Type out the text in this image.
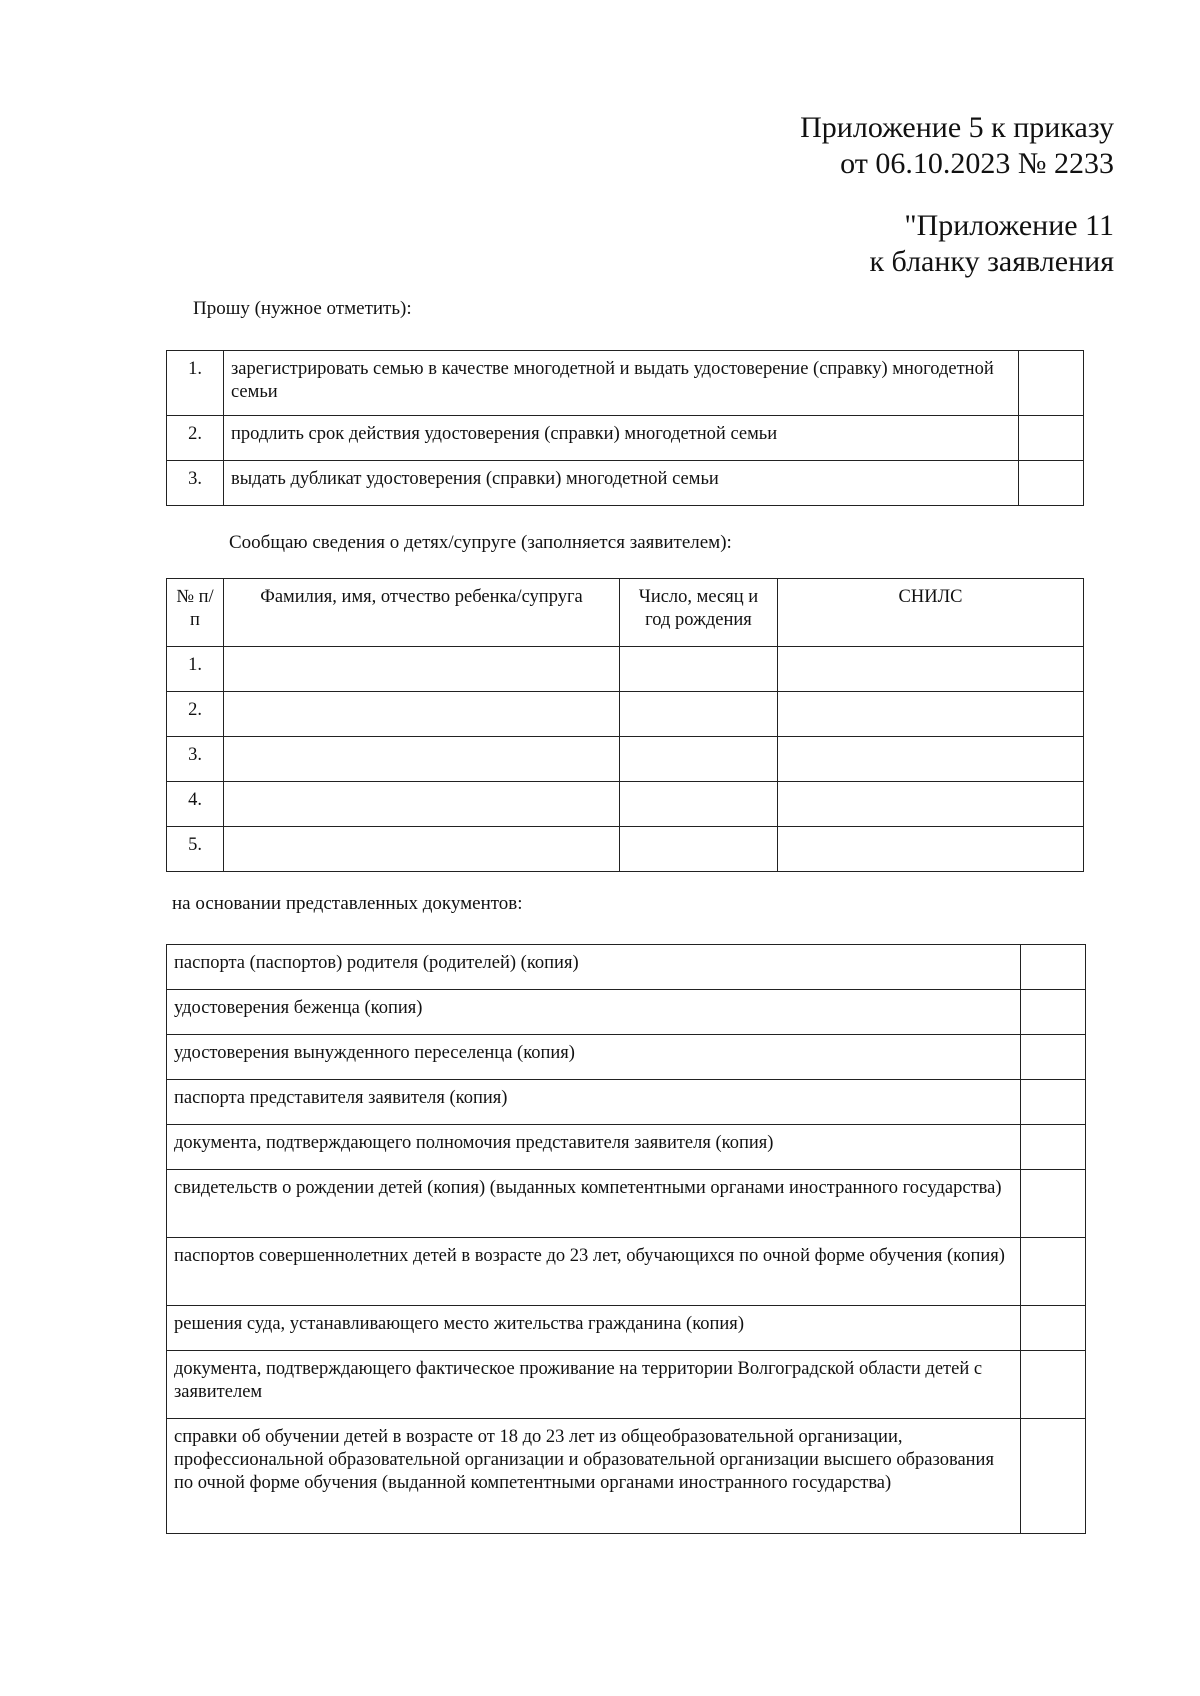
Приложение 5 к приказу
от 06.10.2023 № 2233
"Приложение 11
к бланку заявления
Прошу (нужное отметить):
1.	зарегистрировать семью в качестве многодетной и выдать удостоверение (справку) многодетной семьи	
2.	продлить срок действия удостоверения (справки) многодетной семьи	
3.	выдать дубликат удостоверения (справки) многодетной семьи	
Сообщаю сведения о детях/супруге (заполняется заявителем):
№ п/п	Фамилия, имя, отчество ребенка/супруга	Число, месяц и год рождения	СНИЛС
1.			
2.			
3.			
4.			
5.			
на основании представленных документов:
паспорта (паспортов) родителя (родителей) (копия)	
удостоверения беженца (копия)	
удостоверения вынужденного переселенца (копия)	
паспорта представителя заявителя (копия)	
документа, подтверждающего полномочия представителя заявителя (копия)	
свидетельств о рождении детей (копия) (выданных компетентными органами иностранного государства)	
паспортов совершеннолетних детей в возрасте до 23 лет, обучающихся по очной форме обучения (копия)	
решения суда, устанавливающего место жительства гражданина (копия)	
документа, подтверждающего фактическое проживание на территории Волгоградской области детей с заявителем	
справки об обучении детей в возрасте от 18 до 23 лет из общеобразовательной организации, профессиональной образовательной организации и образовательной организации высшего образования по очной форме обучения (выданной компетентными органами иностранного государства)	
